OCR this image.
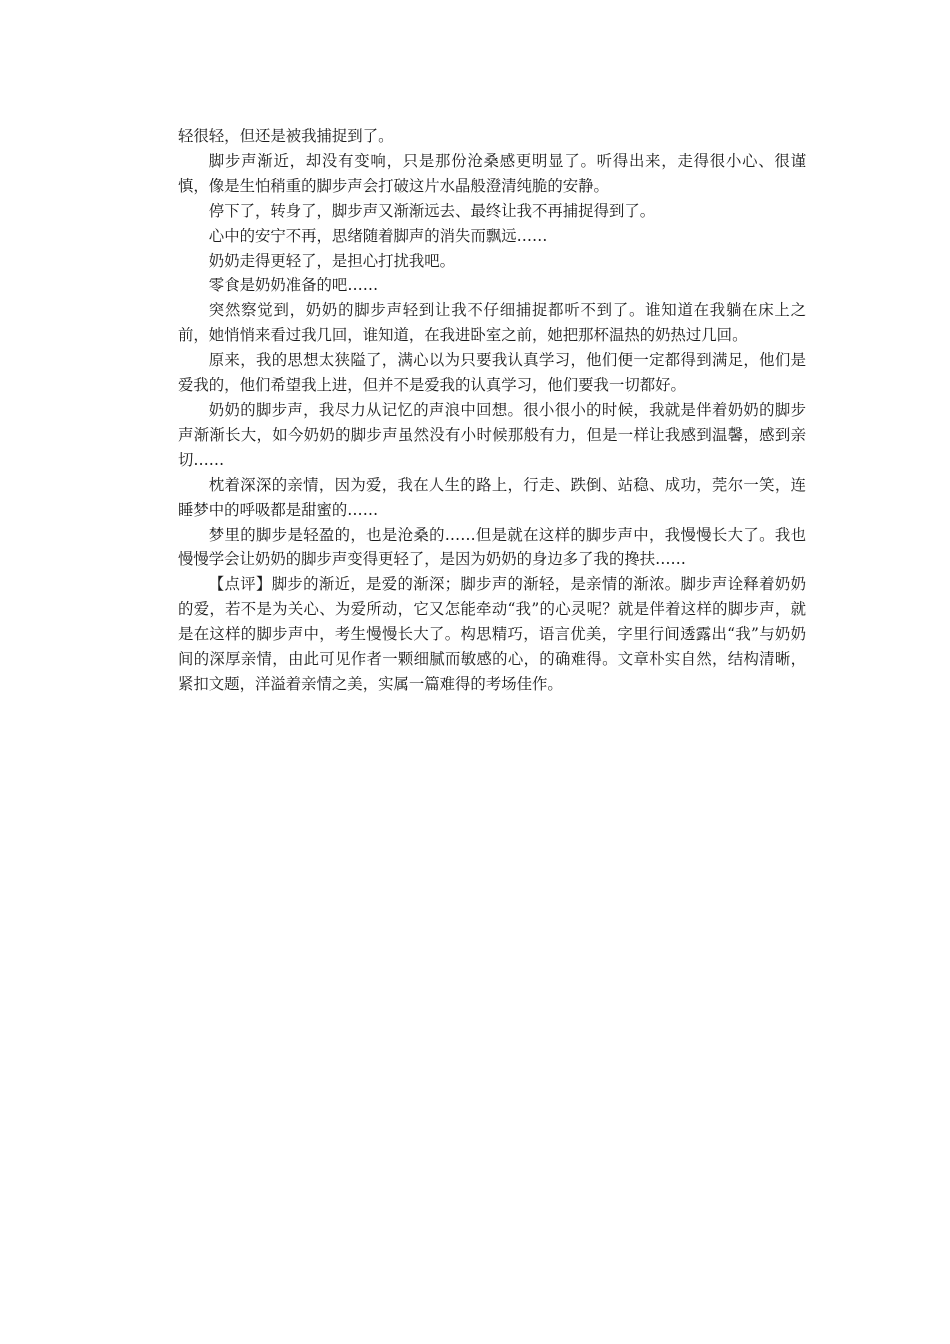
轻很轻，但还是被我捕捉到了。

脚步声渐近，却没有变响，只是那份沧桑感更明显了。听得出来，走得很小心、很谨慎，像是生怕稍重的脚步声会打破这片水晶般澄清纯脆的安静。

停下了，转身了，脚步声又渐渐远去、最终让我不再捕捉得到了。

心中的安宁不再，思绪随着脚声的消失而飘远……

奶奶走得更轻了，是担心打扰我吧。

零食是奶奶准备的吧……

突然察觉到，奶奶的脚步声轻到让我不仔细捕捉都听不到了。谁知道在我躺在床上之前，她悄悄来看过我几回，谁知道，在我进卧室之前，她把那杯温热的奶热过几回。

原来，我的思想太狭隘了，满心以为只要我认真学习，他们便一定都得到满足，他们是爱我的，他们希望我上进，但并不是爱我的认真学习，他们要我一切都好。

奶奶的脚步声，我尽力从记忆的声浪中回想。很小很小的时候，我就是伴着奶奶的脚步声渐渐长大，如今奶奶的脚步声虽然没有小时候那般有力，但是一样让我感到温馨，感到亲切……

枕着深深的亲情，因为爱，我在人生的路上，行走、跌倒、站稳、成功，莞尔一笑，连睡梦中的呼吸都是甜蜜的……

梦里的脚步是轻盈的，也是沧桑的……但是就在这样的脚步声中，我慢慢长大了。我也慢慢学会让奶奶的脚步声变得更轻了，是因为奶奶的身边多了我的搀扶……

【点评】脚步的渐近，是爱的渐深；脚步声的渐轻，是亲情的渐浓。脚步声诠释着奶奶的爱，若不是为关心、为爱所动，它又怎能牵动“我”的心灵呢？就是伴着这样的脚步声，就是在这样的脚步声中，考生慢慢长大了。构思精巧，语言优美，字里行间透露出“我”与奶奶间的深厚亲情，由此可见作者一颗细腻而敏感的心，的确难得。文章朴实自然，结构清晰，紧扣文题，洋溢着亲情之美，实属一篇难得的考场佳作。
